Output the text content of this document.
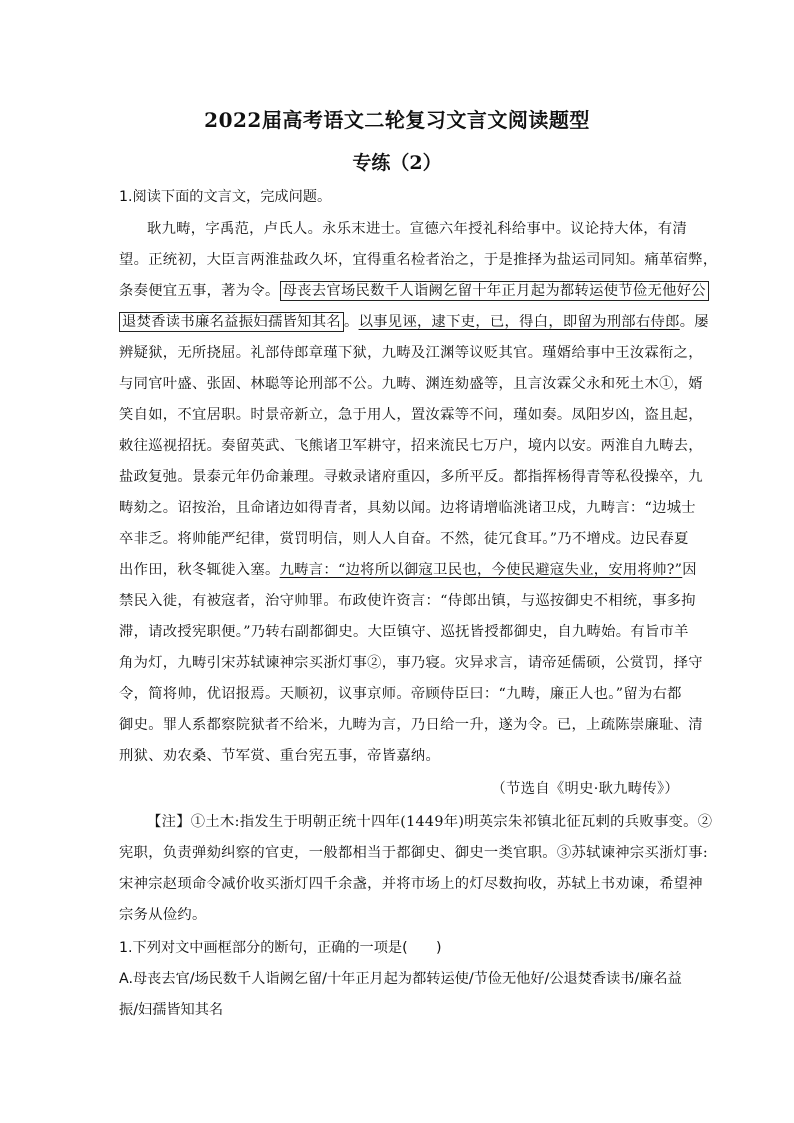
2022届高考语文二轮复习文言文阅读题型
专练（2）
1.阅读下面的文言文，完成问题。
耿九畴，字禹范，卢氏人。永乐末进士。宣德六年授礼科给事中。议论持大体，有清
望。正统初，大臣言两淮盐政久坏，宜得重名检者治之，于是推择为盐运司同知。痛革宿弊，
条奏便宜五事，著为令。 母丧去官场民数千人诣阙乞留十年正月起为都转运使节俭无他好公
退焚香读书廉名益振妇孺皆知其名 。以事见诬，逮下吏，已，得白，即留为刑部右侍郎。屡
辨疑狱，无所挠屈。礼部侍郎章瑾下狱，九畴及江渊等议贬其官。瑾婿给事中王汝霖衔之，
与同官叶盛、张固、林聪等论刑部不公。九畴、渊连劾盛等，且言汝霖父永和死土木①，婿
笑自如，不宜居职。时景帝新立，急于用人，置汝霖等不问，瑾如奏。凤阳岁凶，盗且起，
敕往巡视招抚。奏留英武、飞熊诸卫军耕守，招来流民七万户，境内以安。两淮自九畴去，
盐政复弛。景泰元年仍命兼理。寻敕录诸府重囚，多所平反。都指挥杨得青等私役操卒，九
畴劾之。诏按治，且命诸边如得青者，具劾以闻。边将请增临洮诸卫戍，九畴言：“边城士
卒非乏。将帅能严纪律，赏罚明信，则人人自奋。不然，徒冗食耳。”乃不增戍。边民春夏
出作田，秋冬辄徙入塞。九畴言：“边将所以御寇卫民也，今使民避寇失业，安用将帅?”因
禁民入徙，有被寇者，治守帅罪。布政使许资言：“侍郎出镇，与巡按御史不相统，事多拘
滞，请改授宪职便。”乃转右副都御史。大臣镇守、巡抚皆授都御史，自九畴始。有旨市羊
角为灯，九畴引宋苏轼谏神宗买浙灯事②，事乃寝。灾异求言，请帝延儒硕，公赏罚，择守
令，简将帅，优诏报焉。天顺初，议事京师。帝顾侍臣曰：“九畴，廉正人也。”留为右都
御史。罪人系都察院狱者不给米，九畴为言，乃日给一升，遂为令。已，上疏陈崇廉耻、清
刑狱、劝农桑、节军赏、重台宪五事，帝皆嘉纳。
（节选自《明史·耿九畴传》）
【注】①土木:指发生于明朝正统十四年(1449年)明英宗朱祁镇北征瓦剌的兵败事变。②
宪职，负责弹劾纠察的官吏，一般都相当于都御史、御史一类官职。③苏轼谏神宗买浙灯事:
宋神宗赵顼命令减价收买浙灯四千余盏，并将市场上的灯尽数拘收，苏轼上书劝谏，希望神
宗务从俭约。
1.下列对文中画框部分的断句，正确的一项是(　　)
A.母丧去官/场民数千人诣阙乞留/十年正月起为都转运使/节俭无他好/公退焚香读书/廉名益
振/妇孺皆知其名
